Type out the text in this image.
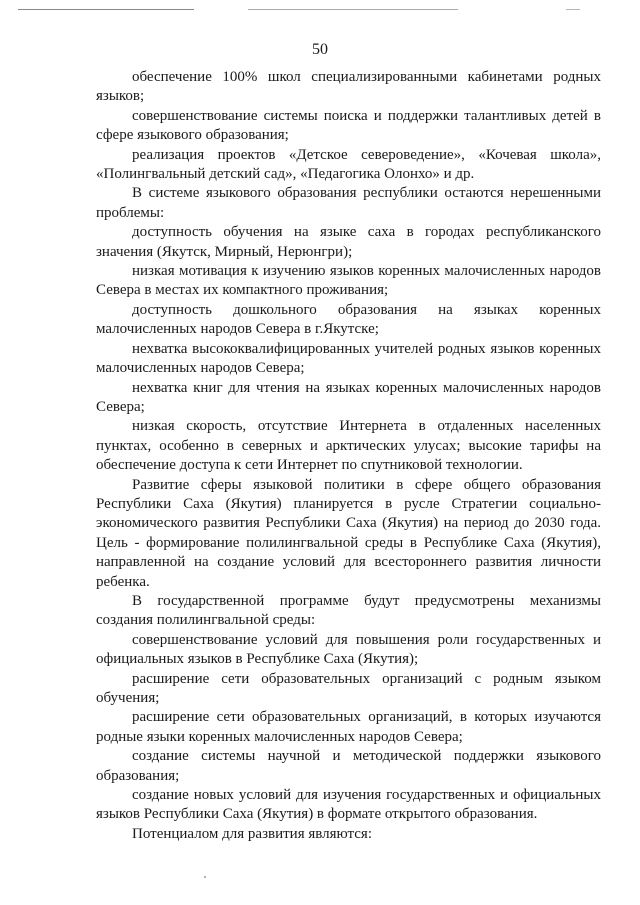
50

обеспечение 100% школ специализированными кабинетами родных языков;

совершенствование системы поиска и поддержки талантливых детей в сфере языкового образования;

реализация проектов «Детское североведение», «Кочевая школа», «Полингвальный детский сад», «Педагогика Олонхо» и др.

В системе языкового образования республики остаются нерешенными проблемы:

доступность обучения на языке саха в городах республиканского значения (Якутск, Мирный, Нерюнгри);

низкая мотивация к изучению языков коренных малочисленных народов Севера в местах их компактного проживания;

доступность дошкольного образования на языках коренных малочисленных народов Севера в г.Якутске;

нехватка высококвалифицированных учителей родных языков коренных малочисленных народов Севера;

нехватка книг для чтения на языках коренных малочисленных народов Севера;

низкая скорость, отсутствие Интернета в отдаленных населенных пунктах, особенно в северных и арктических улусах; высокие тарифы на обеспечение доступа к сети Интернет по спутниковой технологии.

Развитие сферы языковой политики в сфере общего образования Республики Саха (Якутия) планируется в русле Стратегии социально-экономического развития Республики Саха (Якутия) на период до 2030 года. Цель - формирование полилингвальной среды в Республике Саха (Якутия), направленной на создание условий для всестороннего развития личности ребенка.

В государственной программе будут предусмотрены механизмы создания полилингвальной среды:

совершенствование условий для повышения роли государственных и официальных языков в Республике Саха (Якутия);

расширение сети образовательных организаций с родным языком обучения;

расширение сети образовательных организаций, в которых изучаются родные языки коренных малочисленных народов Севера;

создание системы научной и методической поддержки языкового образования;

создание новых условий для изучения государственных и официальных языков Республики Саха (Якутия) в формате открытого образования.

Потенциалом для развития являются:
